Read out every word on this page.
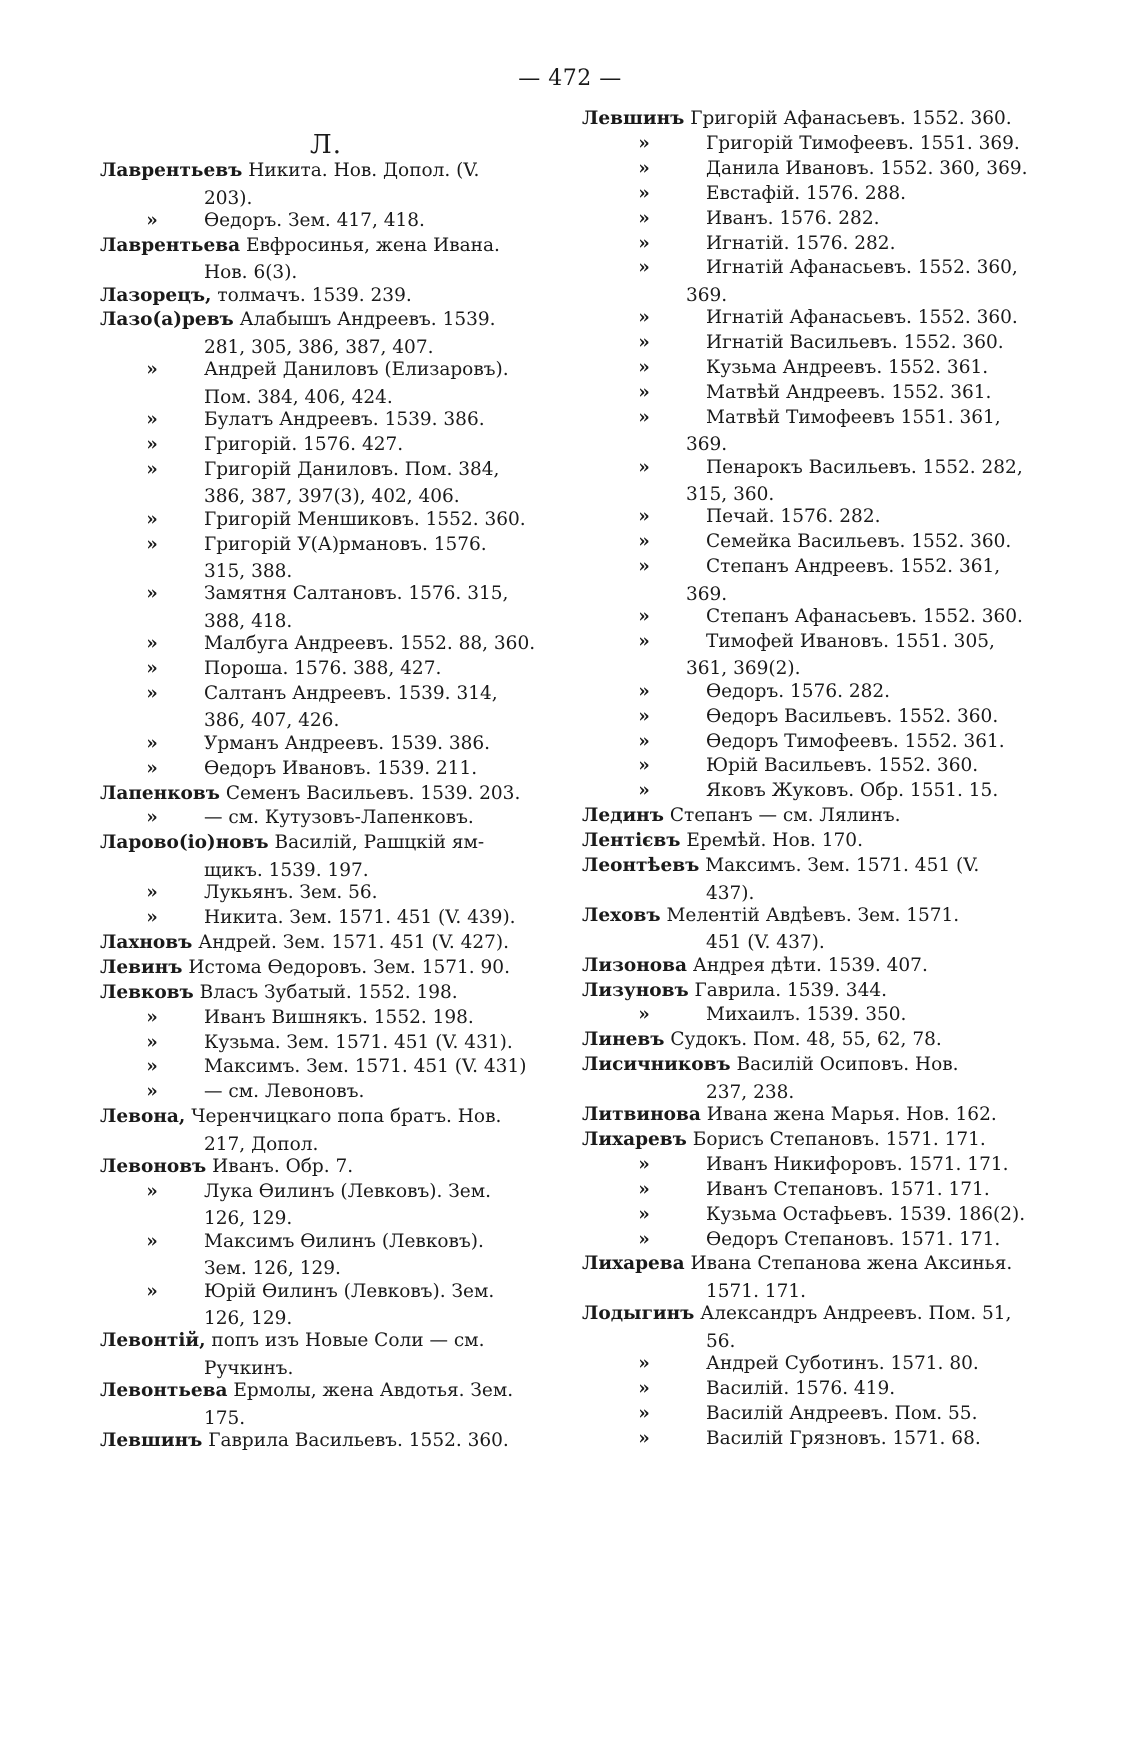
— 472 —
Л.
Лаврентьевъ Никита. Нов. Допол. (V.
203).
» Өедоръ. Зем. 417, 418.
Лаврентьева Евфросинья, жена Ивана.
Нов. 6(3).
Лазорецъ, толмачъ. 1539. 239.
Лазо(а)ревъ Алабышъ Андреевъ. 1539.
281, 305, 386, 387, 407.
» Андрей Даниловъ (Елизаровъ).
Пом. 384, 406, 424.
» Булатъ Андреевъ. 1539. 386.
» Григорій. 1576. 427.
» Григорій Даниловъ. Пом. 384,
386, 387, 397(3), 402, 406.
» Григорій Меншиковъ. 1552. 360.
» Григорій У(А)рмановъ. 1576.
315, 388.
» Замятня Салтановъ. 1576. 315,
388, 418.
» Малбуга Андреевъ. 1552. 88, 360.
» Пороша. 1576. 388, 427.
» Салтанъ Андреевъ. 1539. 314,
386, 407, 426.
» Урманъ Андреевъ. 1539. 386.
» Өедоръ Ивановъ. 1539. 211.
Лапенковъ Семенъ Васильевъ. 1539. 203.
» — см. Кутузовъ-Лапенковъ.
Ларово(іо)новъ Василій, Рашцкій ям-
щикъ. 1539. 197.
» Лукьянъ. Зем. 56.
» Никита. Зем. 1571. 451 (V. 439).
Лахновъ Андрей. Зем. 1571. 451 (V. 427).
Левинъ Истома Өедоровъ. Зем. 1571. 90.
Левковъ Власъ Зубатый. 1552. 198.
» Иванъ Вишнякъ. 1552. 198.
» Кузьма. Зем. 1571. 451 (V. 431).
» Максимъ. Зем. 1571. 451 (V. 431)
» — см. Левоновъ.
Левона, Черенчицкаго попа братъ. Нов.
217, Допол.
Левоновъ Иванъ. Обр. 7.
» Лука Өилинъ (Левковъ). Зем.
126, 129.
» Максимъ Өилинъ (Левковъ).
Зем. 126, 129.
» Юрій Өилинъ (Левковъ). Зем.
126, 129.
Левонтій, попъ изъ Новые Соли — см.
Ручкинъ.
Левонтьева Ермолы, жена Авдотья. Зем.
175.
Левшинъ Гаврила Васильевъ. 1552. 360.
Левшинъ Григорій Афанасьевъ. 1552. 360.
»	Григорій Тимофеевъ. 1551. 369.
»	Данила Ивановъ. 1552. 360, 369.
»	Евстафій. 1576. 288.
»	Иванъ. 1576. 282.
»	Игнатій. 1576. 282.
»	Игнатій Афанасьевъ. 1552. 360,
369.
»	Игнатій Афанасьевъ. 1552. 360.
»	Игнатій Васильевъ. 1552. 360.
»	Кузьма Андреевъ. 1552. 361.
»	Матвѣй Андреевъ. 1552. 361.
»	Матвѣй Тимофеевъ 1551. 361,
369.
»	Пенарокъ Васильевъ. 1552. 282,
315, 360.
»	Печай. 1576. 282.
»	Семейка Васильевъ. 1552. 360.
»	Степанъ Андреевъ. 1552. 361,
369.
»	Степанъ Афанасьевъ. 1552. 360.
»	Тимофей Ивановъ. 1551. 305,
361, 369(2).
»	Өедоръ. 1576. 282.
»	Өедоръ Васильевъ. 1552. 360.
»	Өедоръ Тимофеевъ. 1552. 361.
»	Юрій Васильевъ. 1552. 360.
»	Яковъ Жуковъ. Обр. 1551. 15.
Лединъ Степанъ — см. Лялинъ.
Лентієвъ Еремѣй. Нов. 170.
Леонтѣевъ Максимъ. Зем. 1571. 451 (V.
437).
Леховъ Мелентій Авдѣевъ. Зем. 1571.
451 (V. 437).
Лизонова Андрея дѣти. 1539. 407.
Лизуновъ Гаврила. 1539. 344.
»	Михаилъ. 1539. 350.
Линевъ Судокъ. Пом. 48, 55, 62, 78.
Лисичниковъ Василій Осиповъ. Нов.
237, 238.
Литвинова Ивана жена Марья. Нов. 162.
Лихаревъ Борисъ Степановъ. 1571. 171.
»	Иванъ Никифоровъ. 1571. 171.
»	Иванъ Степановъ. 1571. 171.
»	Кузьма Остафьевъ. 1539. 186(2).
»	Өедоръ Степановъ. 1571. 171.
Лихарева Ивана Степанова жена Аксинья.
1571. 171.
Лодыгинъ Александръ Андреевъ. Пом. 51,
56.
»	Андрей Суботинъ. 1571. 80.
»	Василій. 1576. 419.
»	Василій Андреевъ. Пом. 55.
»	Василій Грязновъ. 1571. 68.
